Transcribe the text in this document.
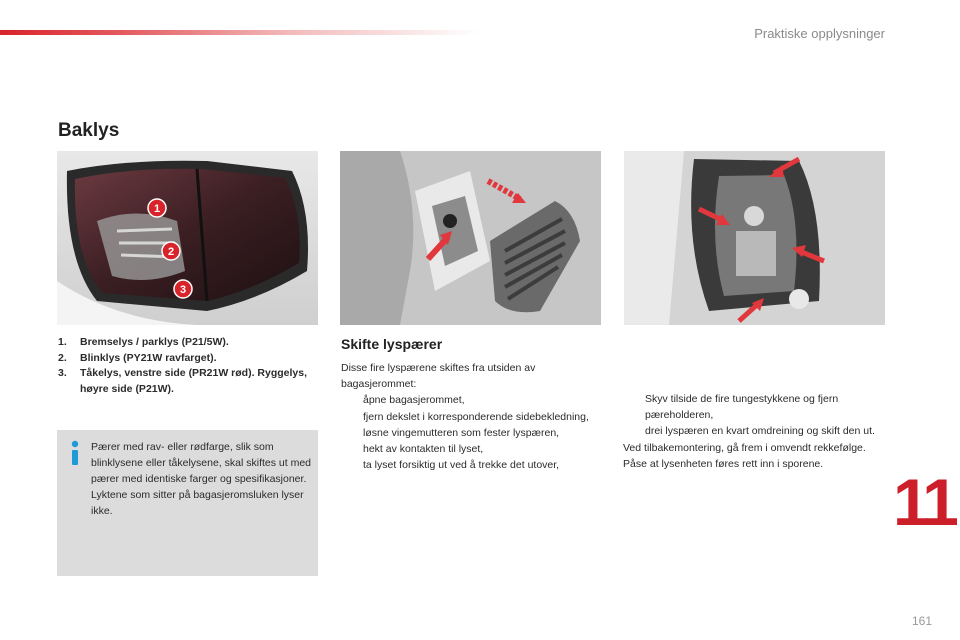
Praktiske opplysninger
Baklys
1
2
3
1. Bremselys / parklys (P21/5W).
2. Blinklys (PY21W ravfarget).
3. Tåkelys, venstre side (PR21W rød). Ryggelys, høyre side (P21W).

Pærer med rav- eller rødfarge, slik som blinklysene eller tåkelysene, skal skiftes ut med pærer med identiske farger og spesifikasjoner.

Lyktene som sitter på bagasjeromsluken lyser ikke.

Skifte lyspærer

Disse fire lyspærene skiftes fra utsiden av bagasjerommet:

åpne bagasjerommet,
fjern dekslet i korresponderende sidebekledning,
løsne vingemutteren som fester lyspæren,
hekt av kontakten til lyset,
ta lyset forsiktig ut ved å trekke det utover,
Skyv tilside de fire tungestykkene og fjern pæreholderen,
drei lyspæren en kvart omdreining og skift den ut.

Ved tilbakemontering, gå frem i omvendt rekkefølge.

Påse at lysenheten føres rett inn i sporene.

11
161
